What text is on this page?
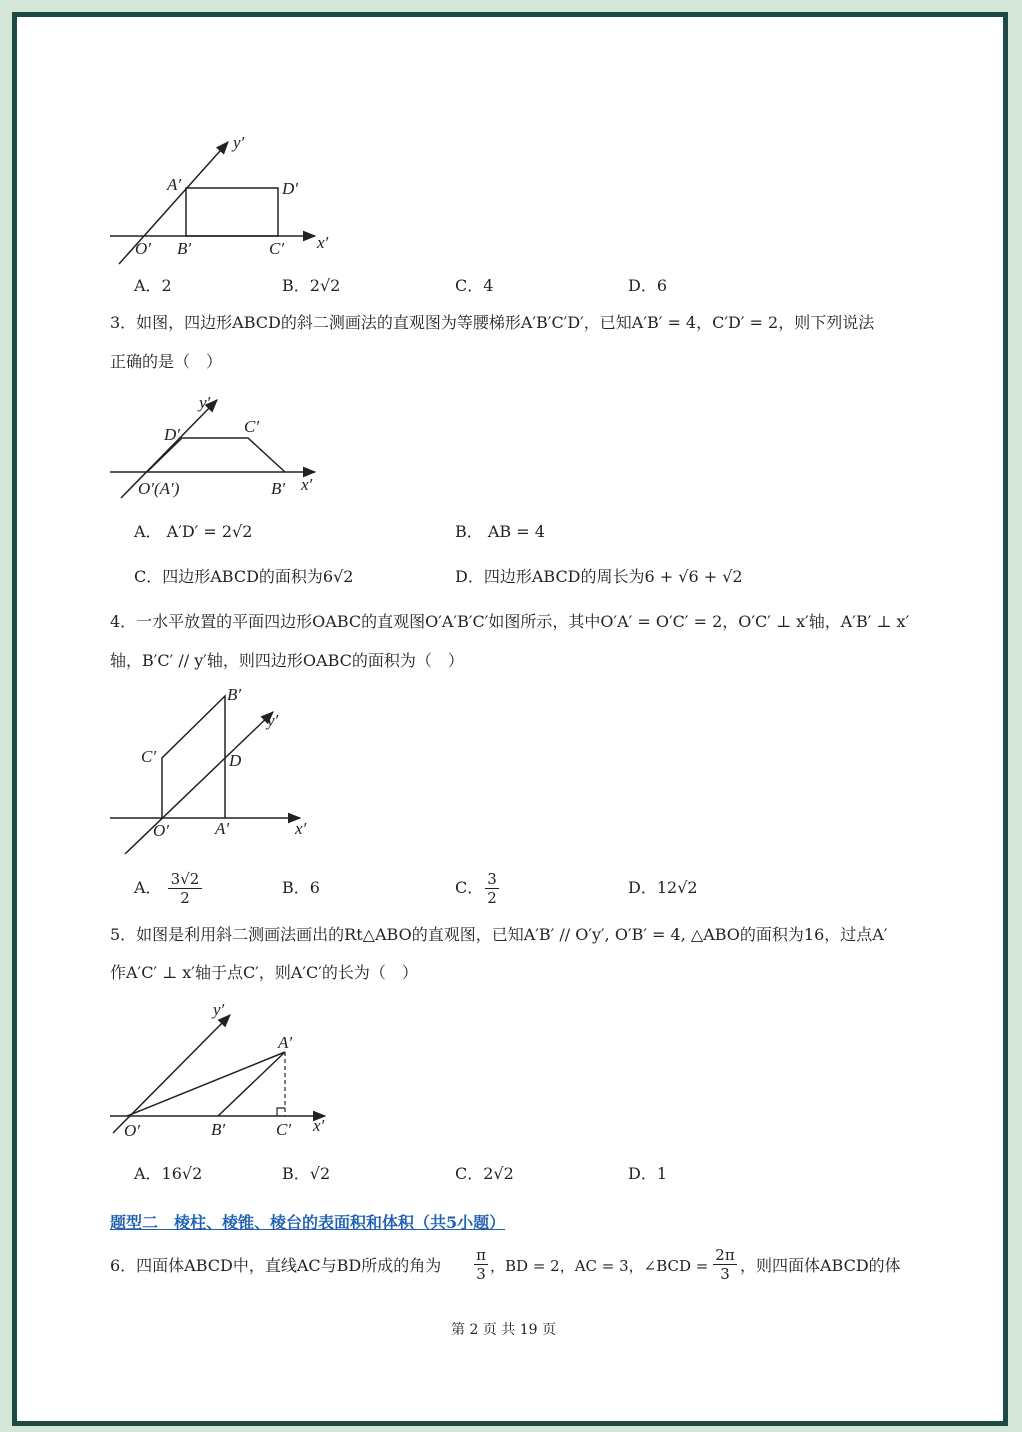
y′
A′	D′
O′ B′	C′ x′
A．2	B．2√2	C．4	D．6
3．如图，四边形ABCD的斜二测画法的直观图为等腰梯形A′B′C′D′，已知A′B′ = 4，C′D′ = 2，则下列说法
正确的是（　）
y′
D′	C′
O′(A′)	B′ x′
A． A′D′ = 2√2	B． AB = 4
C．四边形ABCD的面积为6√2	D．四边形ABCD的周长为6 + √6 + √2
4．一水平放置的平面四边形OABC的直观图O′A′B′C′如图所示，其中O′A′ = O′C′ = 2，O′C′ ⊥ x′轴，A′B′ ⊥ x′
轴，B′C′ // y′轴，则四边形OABC的面积为（　）
B′
y′
C′	D
O′	A′	x′
A． $\frac{3√2}{2}$	B．6	C． $\frac{3}{2}$	D．12√2
5．如图是利用斜二测画法画出的Rt△ABO的直观图，已知A′B′ // O′y′, O′B′ = 4, △ABO的面积为16，过点A′
作A′C′ ⊥ x′轴于点C′，则A′C′的长为（　）
y′
A′
O′	B′	C′ x′
A．16√2	B．√2	C．2√2	D．1
题型二　棱柱、棱锥、棱台的表面积和体积（共5小题）
6．四面体ABCD中，直线AC与BD所成的角为 $\frac{\pi}{3}$ ，BD = 2，AC = 3，∠BCD = $\frac{2\pi}{3}$ ，则四面体ABCD的体
第 2 页 共 19 页
